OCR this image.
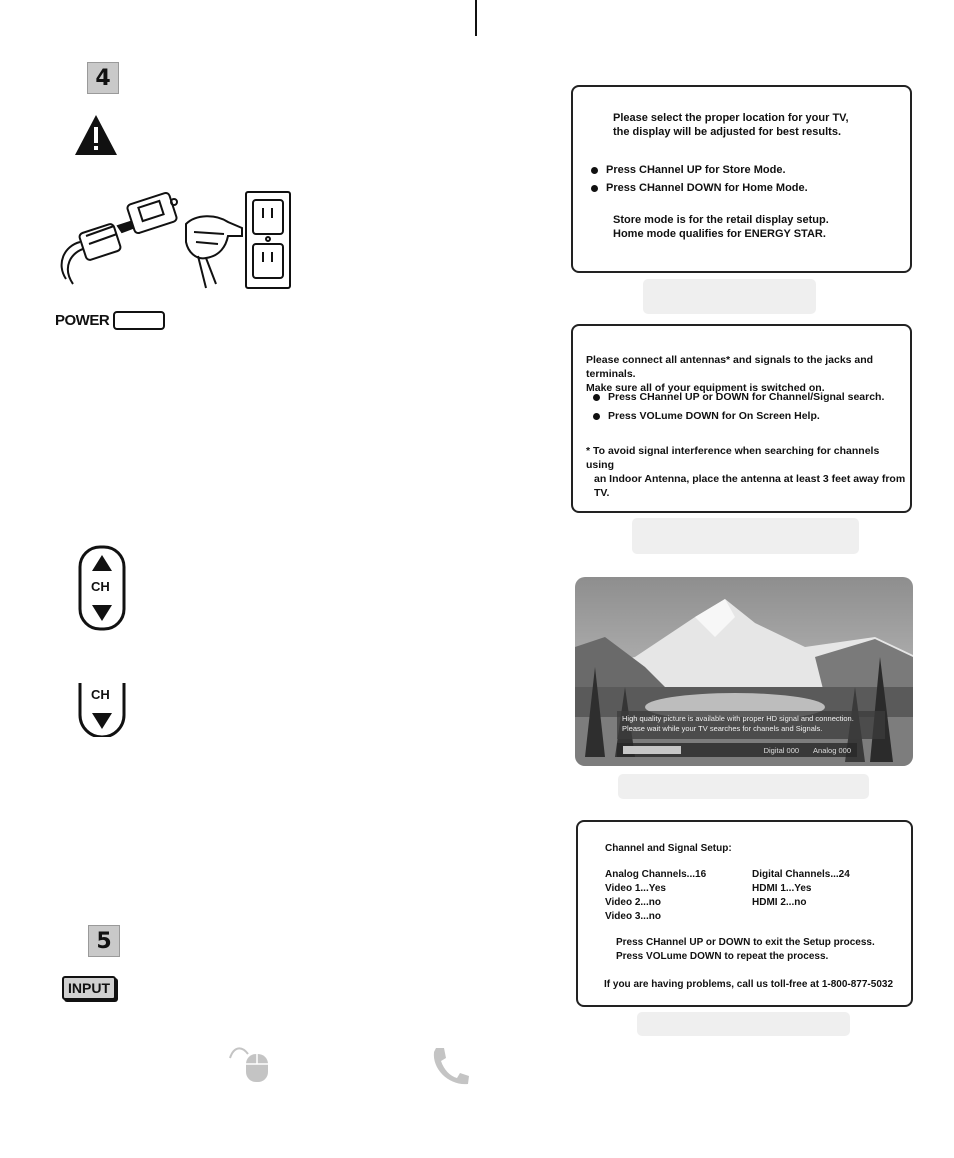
4
POWER

Please select the proper location for your TV,

the display will be adjusted for best results.

Press CHannel UP for Store Mode.
Press CHannel DOWN for Home Mode.

Store mode is for the retail display setup.

Home mode qualifies for ENERGY STAR.

Please connect all antennas* and signals to the jacks and terminals.

Make sure all of your equipment is switched on.

Press CHannel UP or DOWN for Channel/Signal search.
Press VOLume DOWN for On Screen Help.

* To avoid signal interference when searching for channels using

an Indoor Antenna, place the antenna at least 3 feet away from TV.

CH
CH
High quality picture is available with proper HD signal and connection.
Please wait while your TV searches for chanels and Signals.
Digital 000 Analog 000

Channel and Signal Setup:

Analog Channels...16

Video 1...Yes

Video 2...no

Video 3...no

Digital Channels...24

HDMI 1...Yes

HDMI 2...no

Press CHannel UP or DOWN to exit the Setup process.

Press VOLume DOWN to repeat the process.

If you are having problems, call us toll-free at 1-800-877-5032

5
INPUT
